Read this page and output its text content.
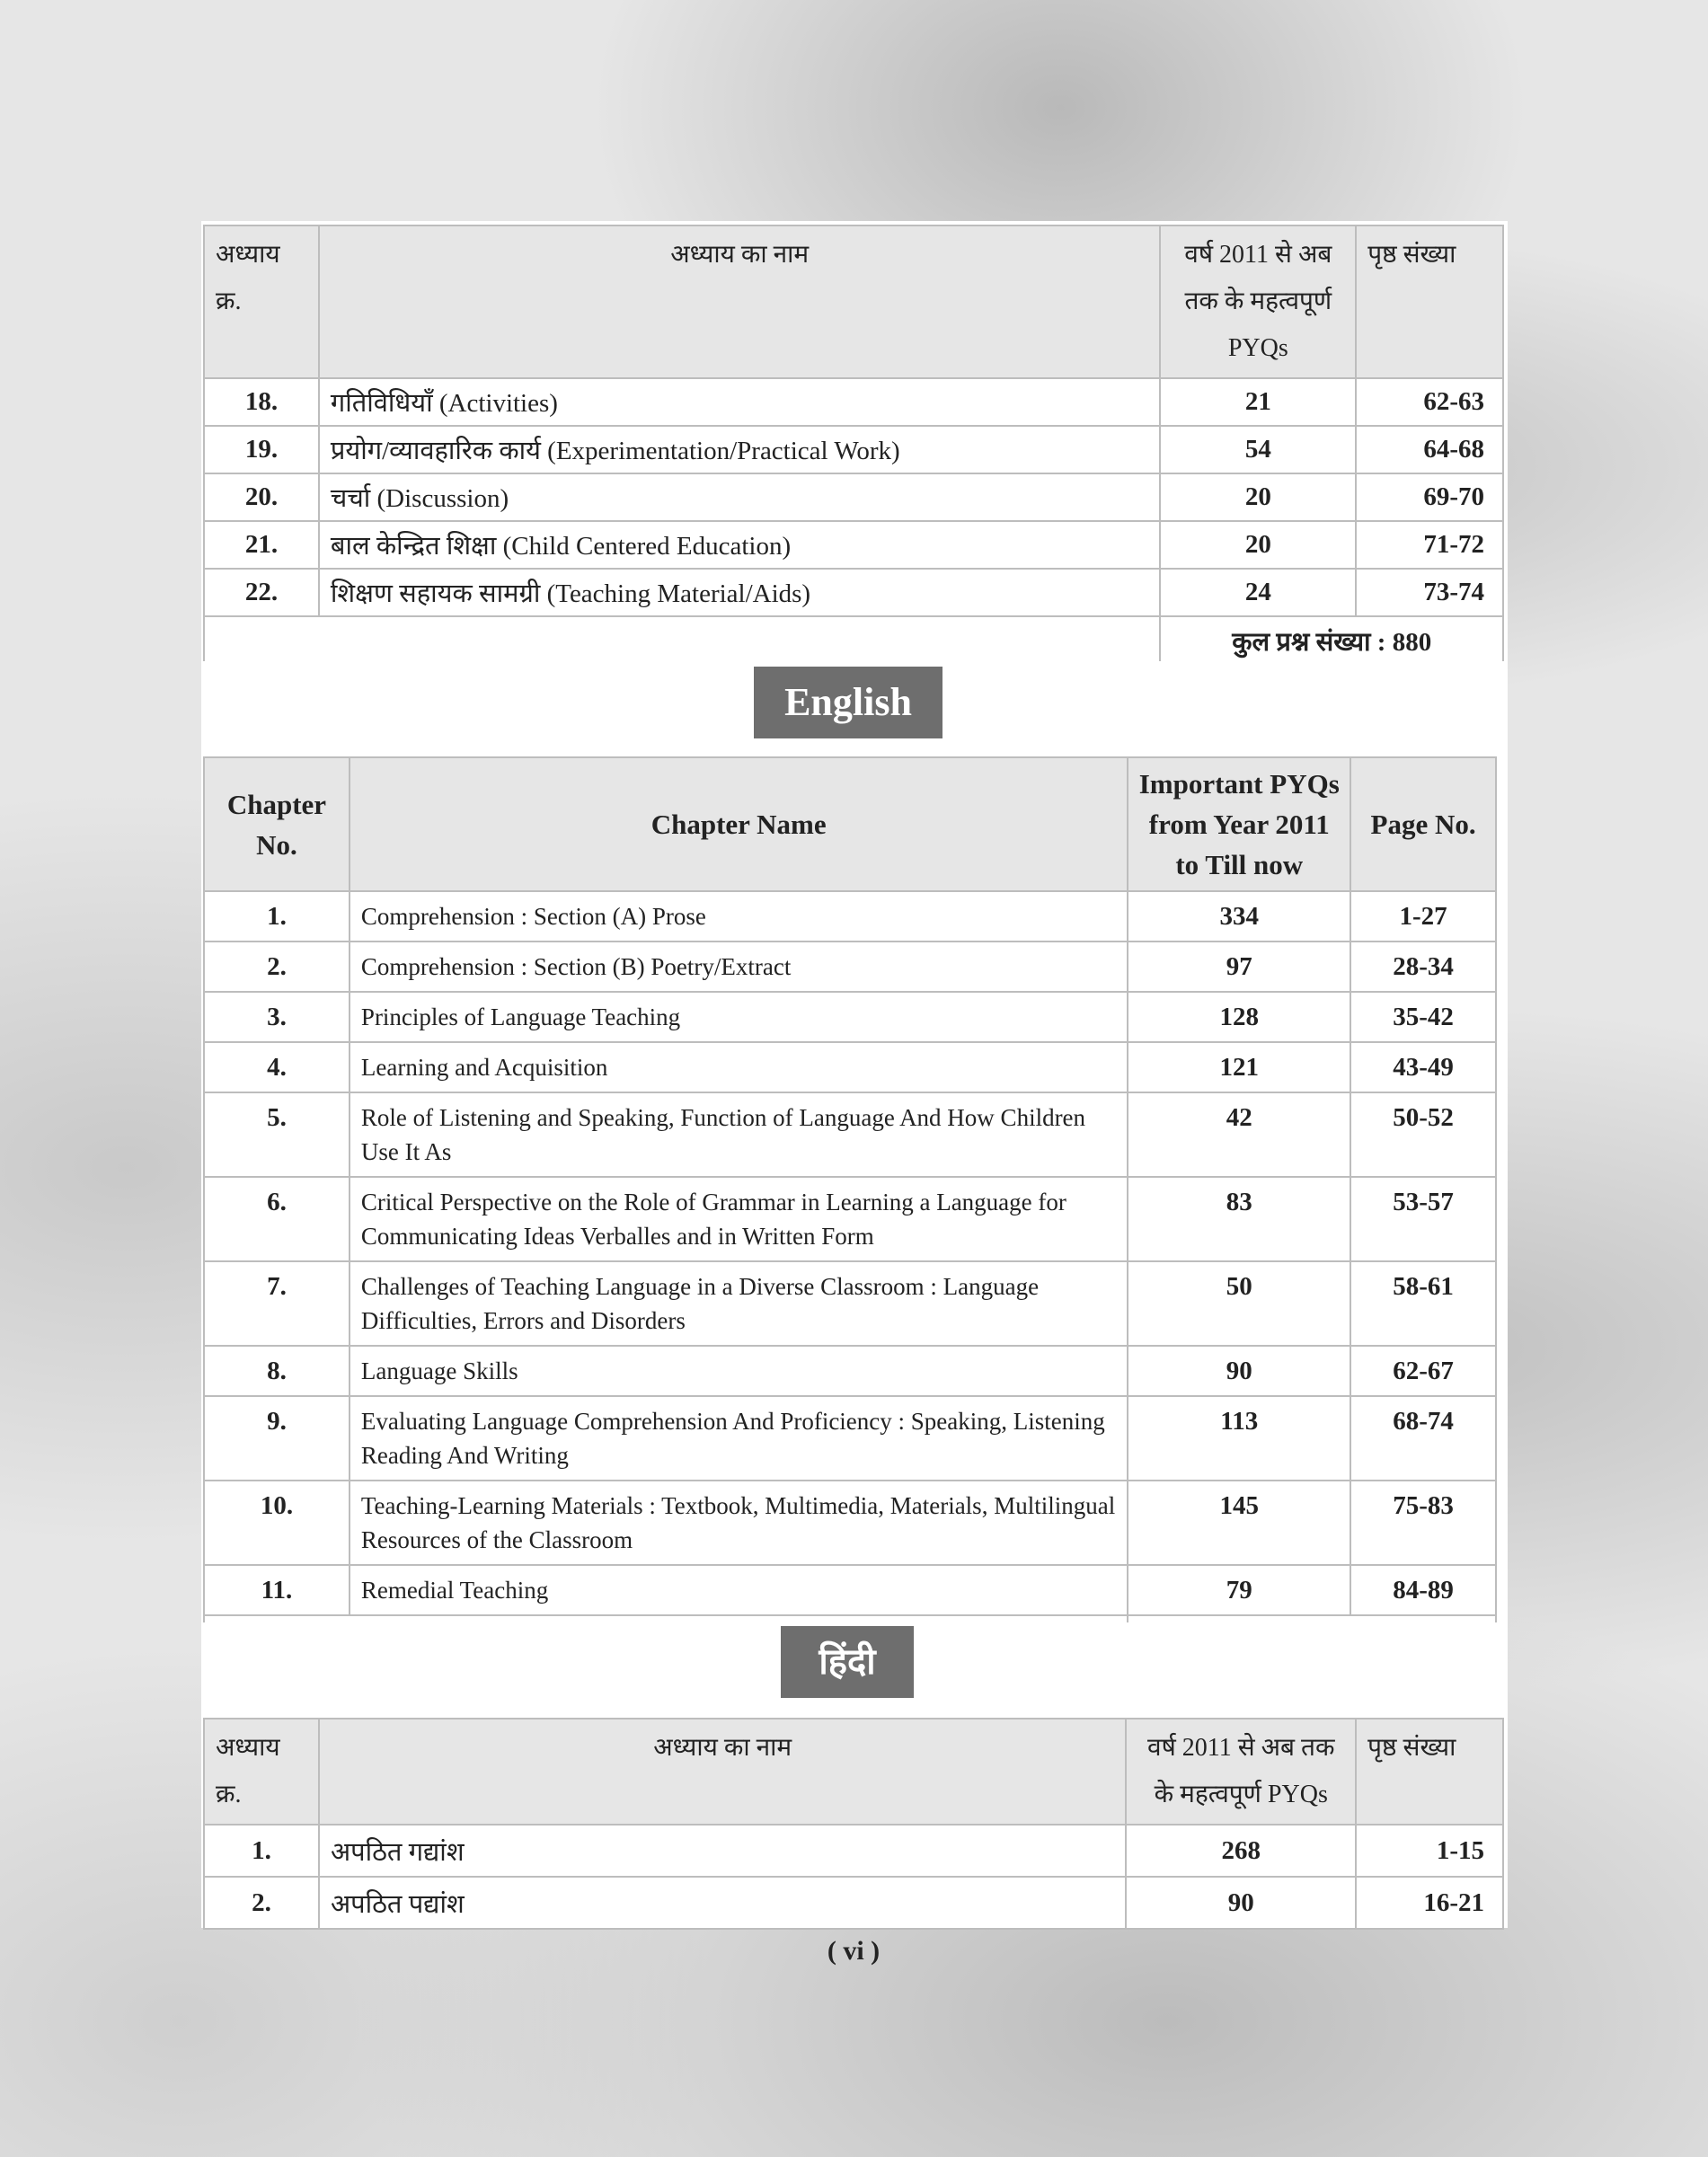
अध्याय क्र.	अध्याय का नाम	वर्ष 2011 से अब तक के महत्वपूर्ण PYQs	पृष्ठ संख्या
18.	गतिविधियाँ (Activities)	21	62-63
19.	प्रयोग/व्यावहारिक कार्य (Experimentation/Practical Work)	54	64-68
20.	चर्चा (Discussion)	20	69-70
21.	बाल केन्द्रित शिक्षा (Child Centered Education)	20	71-72
22.	शिक्षण सहायक सामग्री (Teaching Material/Aids)	24	73-74
		कुल प्रश्न संख्या : 880	
Chapter No.	Chapter Name	Important PYQs from Year 2011 to Till now	Page No.
1.	Comprehension : Section (A) Prose	334	1-27
2.	Comprehension : Section (B) Poetry/Extract	97	28-34
3.	Principles of Language Teaching	128	35-42
4.	Learning and Acquisition	121	43-49
5.	Role of Listening and Speaking, Function of Language And How Children Use It As	42	50-52
6.	Critical Perspective on the Role of Grammar in Learning a Language for Communicating Ideas Verballes and in Written Form	83	53-57
7.	Challenges of Teaching Language in a Diverse Classroom : Language Difficulties, Errors and Disorders	50	58-61
8.	Language Skills	90	62-67
9.	Evaluating Language Comprehension And Proficiency : Speaking, Listening Reading And Writing	113	68-74
10.	Teaching-Learning Materials : Textbook, Multimedia, Materials, Multilingual Resources of the Classroom	145	75-83
11.	Remedial Teaching	79	84-89

English
अध्याय क्र.	अध्याय का नाम	वर्ष 2011 से अब तक के महत्वपूर्ण PYQs	पृष्ठ संख्या
1.	अपठित गद्यांश	268	1-15
2.	अपठित पद्यांश	90	16-21
हिंदी
( vi )
